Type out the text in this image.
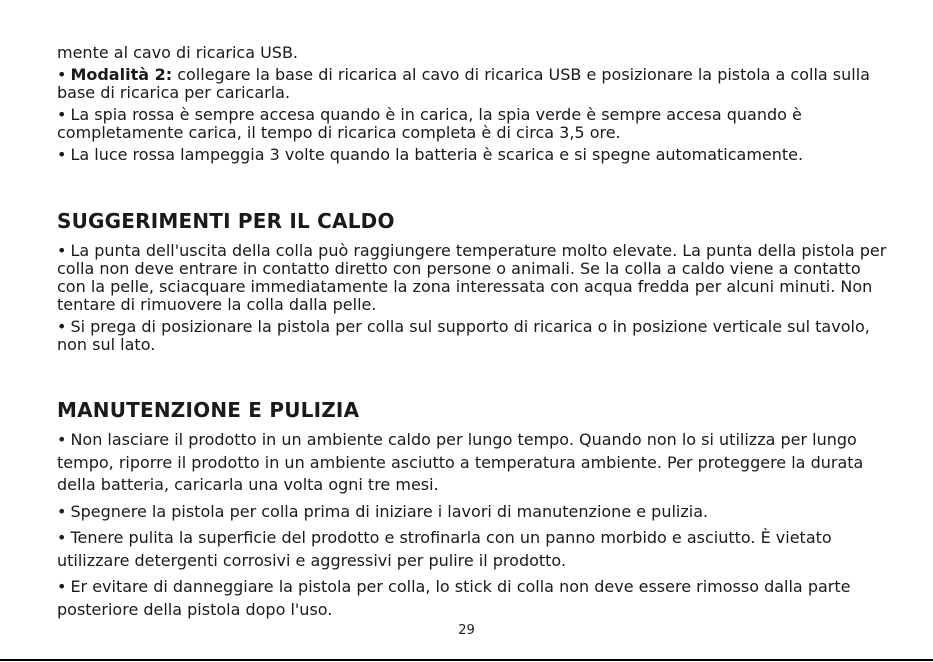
mente al cavo di ricarica USB.

• Modalità 2: collegare la base di ricarica al cavo di ricarica USB e posizionare la pistola a colla sulla base di ricarica per caricarla.

• La spia rossa è sempre accesa quando è in carica, la spia verde è sempre accesa quando è completamente carica, il tempo di ricarica completa è di circa 3,5 ore.

• La luce rossa lampeggia 3 volte quando la batteria è scarica e si spegne automaticamente.

SUGGERIMENTI PER IL CALDO

• La punta dell'uscita della colla può raggiungere temperature molto elevate. La punta della pistola per colla non deve entrare in contatto diretto con persone o animali. Se la colla a caldo viene a contatto con la pelle, sciacquare immediatamente la zona interessata con acqua fredda per alcuni minuti. Non tentare di rimuovere la colla dalla pelle.

• Si prega di posizionare la pistola per colla sul supporto di ricarica o in posizione verticale sul tavolo, non sul lato.

MANUTENZIONE E PULIZIA

• Non lasciare il prodotto in un ambiente caldo per lungo tempo. Quando non lo si utilizza per lungo tempo, riporre il prodotto in un ambiente asciutto a temperatura ambiente. Per proteggere la durata della batteria, caricarla una volta ogni tre mesi.

• Spegnere la pistola per colla prima di iniziare i lavori di manutenzione e pulizia.

• Tenere pulita la superficie del prodotto e strofinarla con un panno morbido e asciutto. È vietato utilizzare detergenti corrosivi e aggressivi per pulire il prodotto.

• Er evitare di danneggiare la pistola per colla, lo stick di colla non deve essere rimosso dalla parte posteriore della pistola dopo l'uso.

29
